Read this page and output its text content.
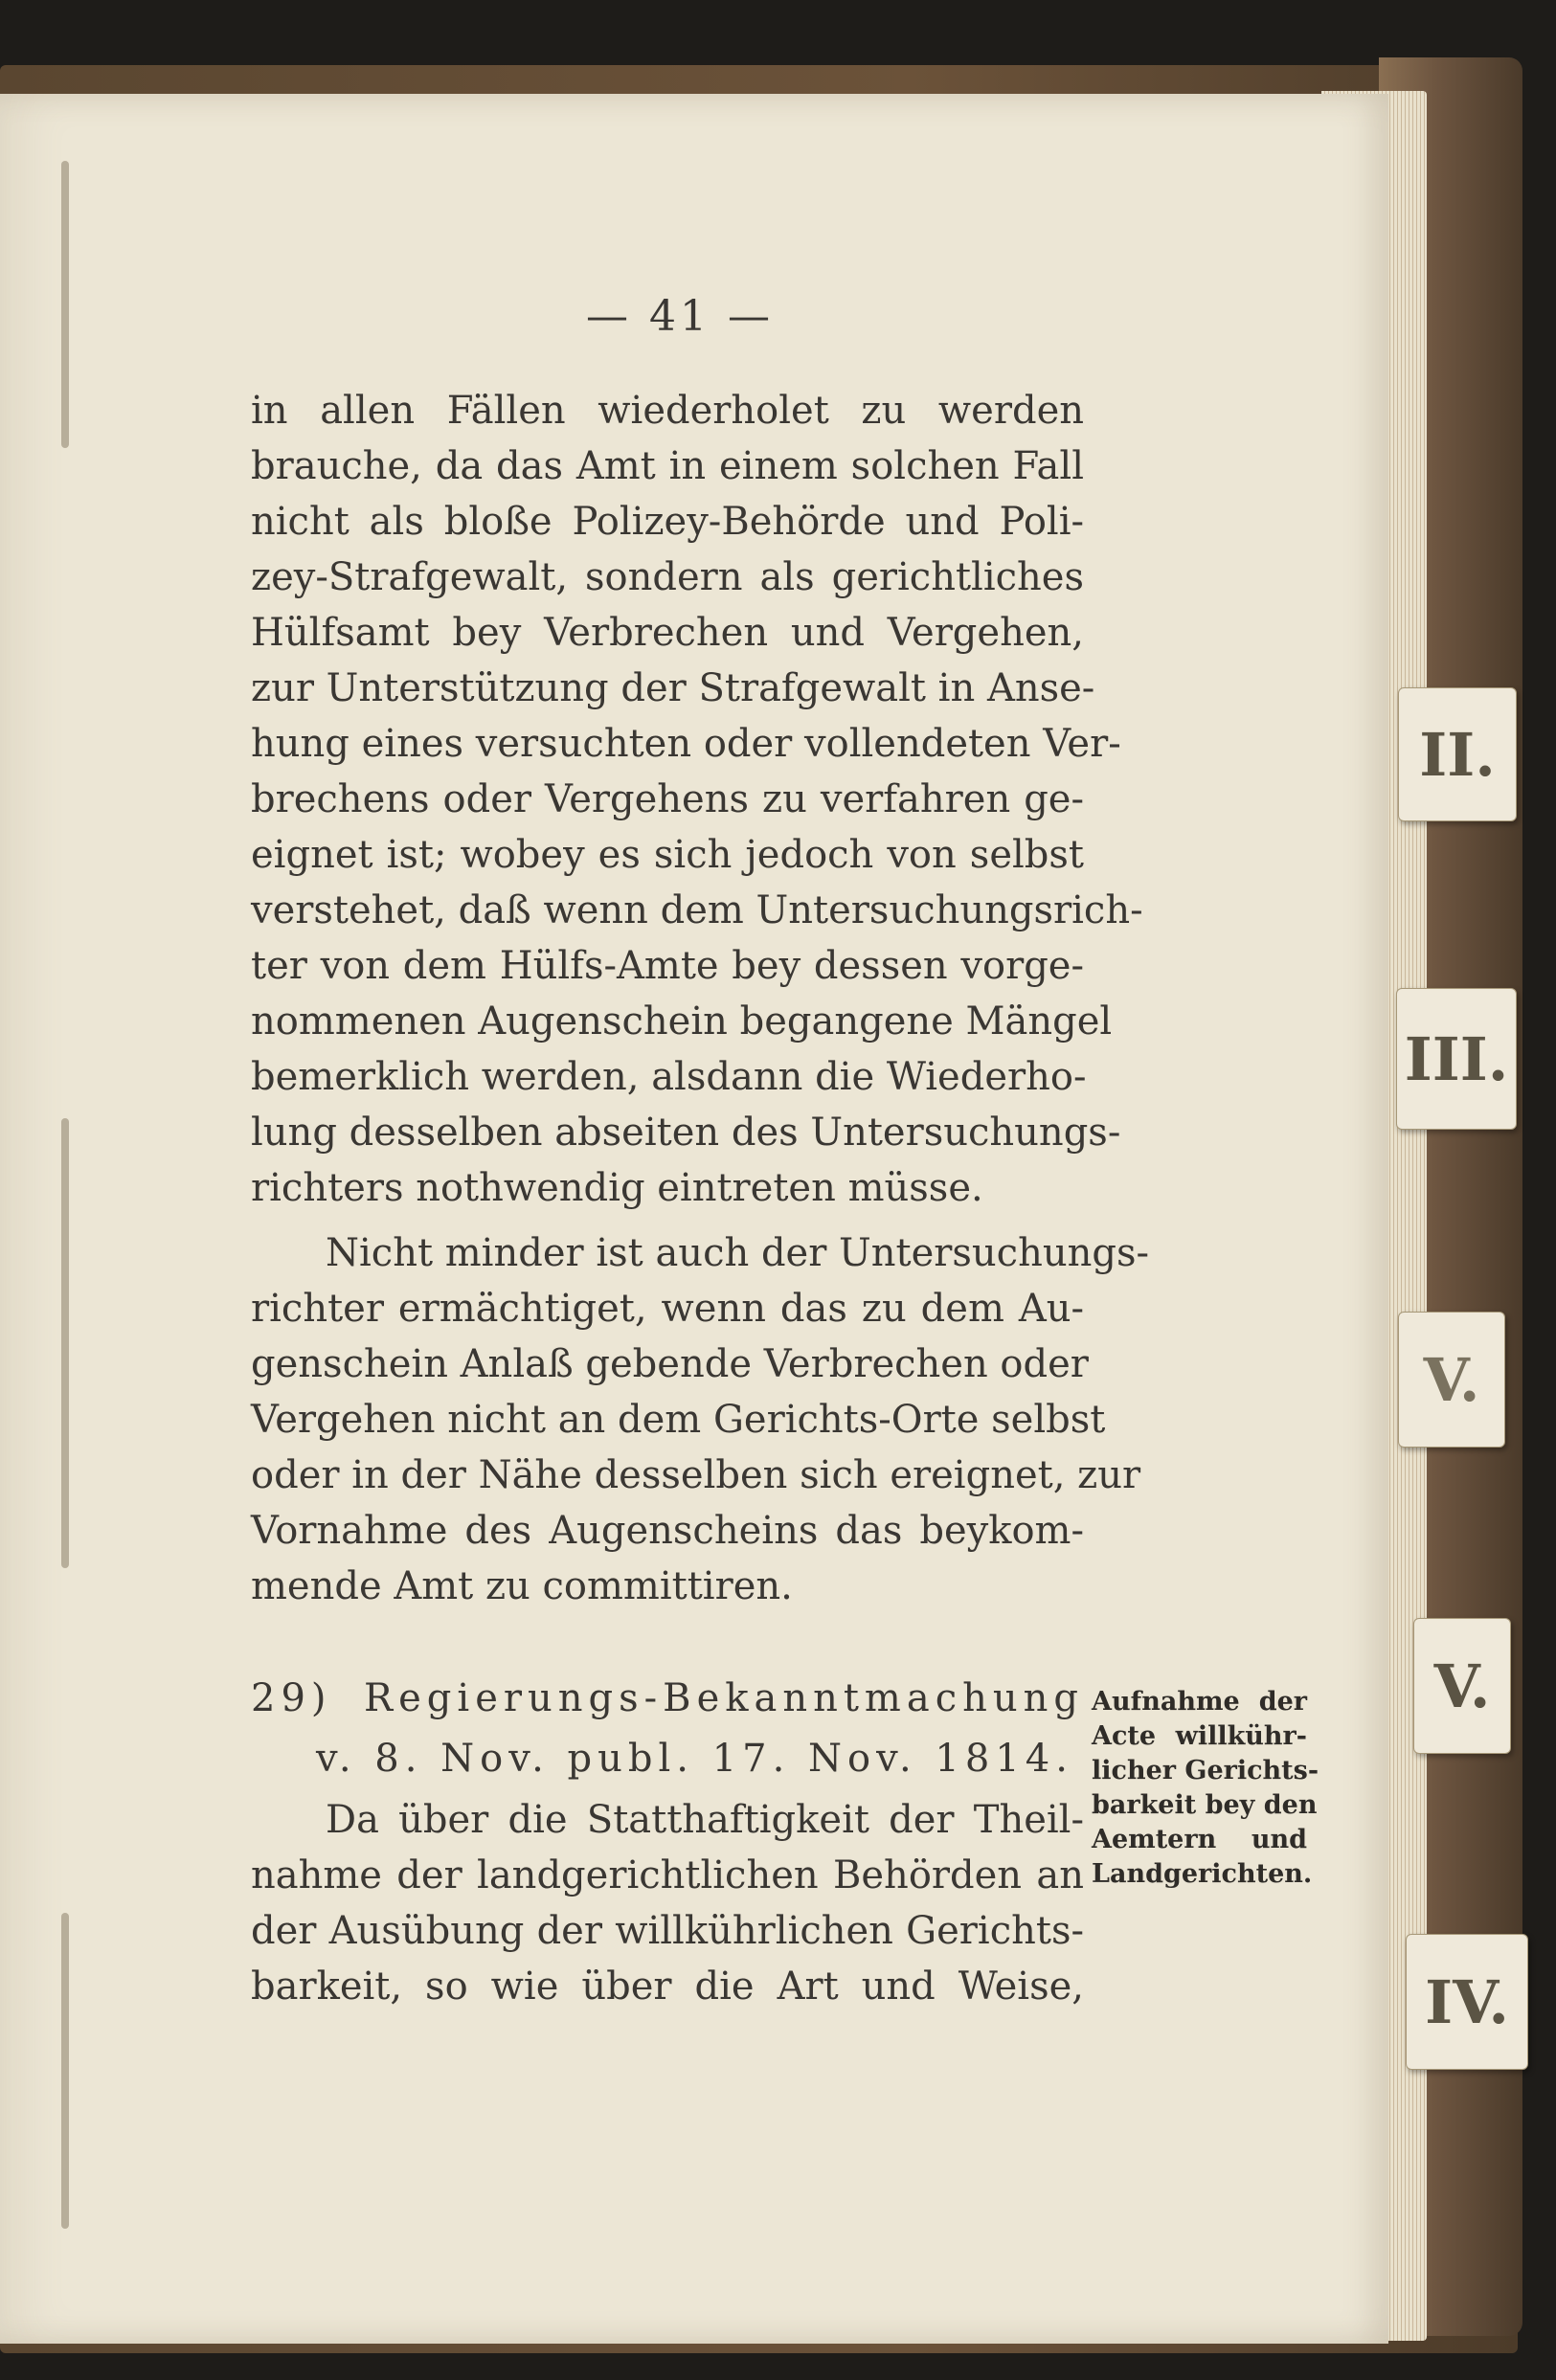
II.
III.
V.
V.
IV.
— 41 —
in allen Fällen wiederholet zu werden
brauche, da das Amt in einem solchen Fall
nicht als bloße Polizey-Behörde und Poli-
zey-Strafgewalt, sondern als gerichtliches
Hülfsamt bey Verbrechen und Vergehen,
zur Unterstützung der Strafgewalt in Anse-
hung eines versuchten oder vollendeten Ver-
brechens oder Vergehens zu verfahren ge-
eignet ist; wobey es sich jedoch von selbst
verstehet, daß wenn dem Untersuchungsrich-
ter von dem Hülfs-Amte bey dessen vorge-
nommenen Augenschein begangene Mängel
bemerklich werden, alsdann die Wiederho-
lung desselben abseiten des Untersuchungs-
richters nothwendig eintreten müsse.
Nicht minder ist auch der Untersuchungs-
richter ermächtiget, wenn das zu dem Au-
genschein Anlaß gebende Verbrechen oder
Vergehen nicht an dem Gerichts-Orte selbst
oder in der Nähe desselben sich ereignet, zur
Vornahme des Augenscheins das beykom-
mende Amt zu committiren.
29) Regierungs-Bekanntmachung
v. 8. Nov. publ. 17. Nov. 1814.
Da über die Statthaftigkeit der Theil-
nahme der landgerichtlichen Behörden an
der Ausübung der willkührlichen Gerichts-
barkeit, so wie über die Art und Weise,
Aufnahme der
Acte willkühr-
licher Gerichts-
barkeit bey den
Aemtern und
Landgerichten.
